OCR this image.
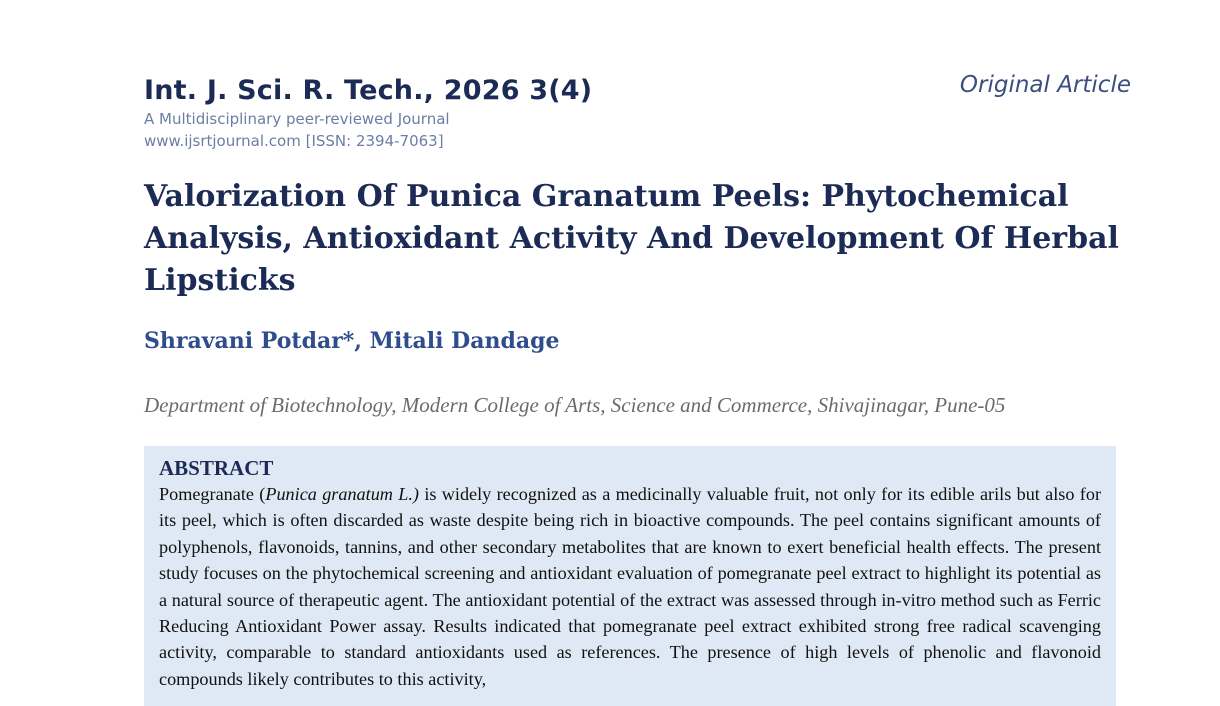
Int. J. Sci. R. Tech., 2026 3(4)
A Multidisciplinary peer-reviewed Journal
www.ijsrtjournal.com [ISSN: 2394-7063]
Original Article
Valorization Of Punica Granatum Peels: Phytochemical Analysis, Antioxidant Activity And Development Of Herbal Lipsticks
Shravani Potdar*, Mitali Dandage
Department of Biotechnology, Modern College of Arts, Science and Commerce, Shivajinagar, Pune-05
ABSTRACT

Pomegranate (Punica granatum L.) is widely recognized as a medicinally valuable fruit, not only for its edible arils but also for its peel, which is often discarded as waste despite being rich in bioactive compounds. The peel contains significant amounts of polyphenols, flavonoids, tannins, and other secondary metabolites that are known to exert beneficial health effects. The present study focuses on the phytochemical screening and antioxidant evaluation of pomegranate peel extract to highlight its potential as a natural source of therapeutic agent. The antioxidant potential of the extract was assessed through in-vitro method such as Ferric Reducing Antioxidant Power assay. Results indicated that pomegranate peel extract exhibited strong free radical scavenging activity, comparable to standard antioxidants used as references. The presence of high levels of phenolic and flavonoid compounds likely contributes to this activity,
